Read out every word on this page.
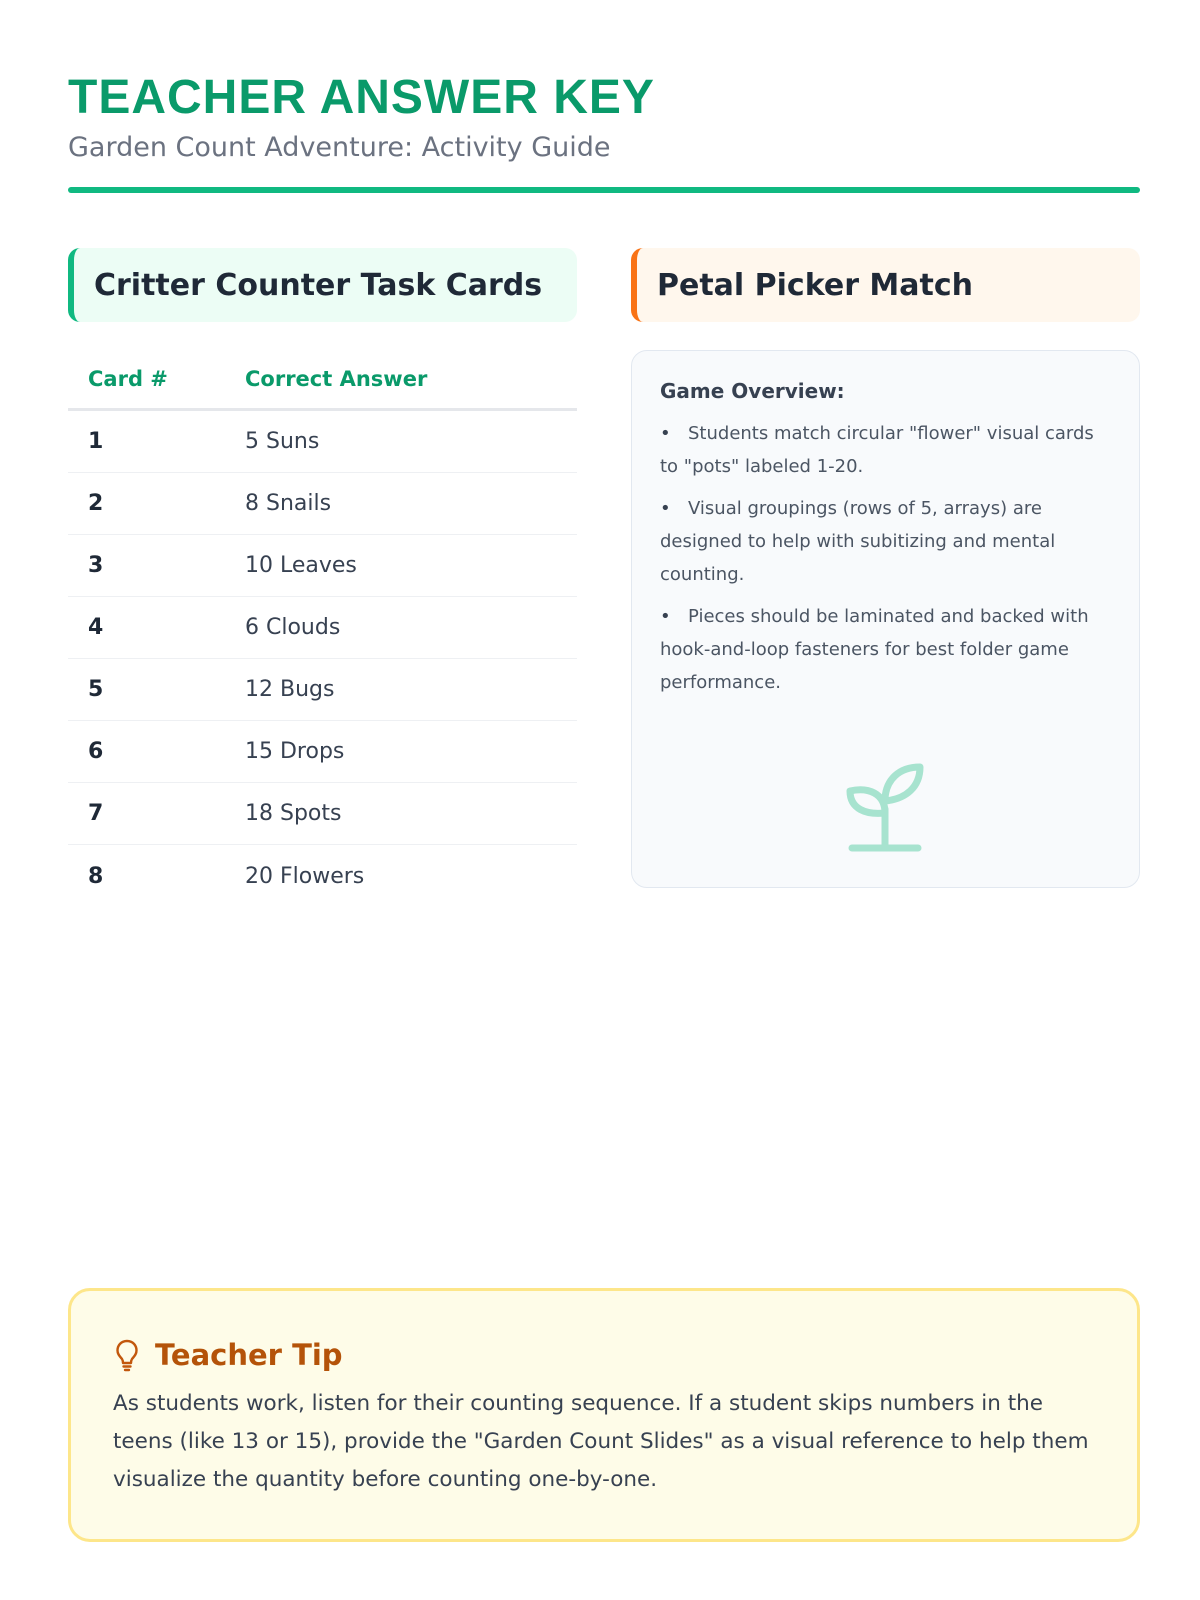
TEACHER ANSWER KEY
Garden Count Adventure: Activity Guide
Critter Counter Task Cards
Card #	Correct Answer
1	5 Suns
2	8 Snails
3	10 Leaves
4	6 Clouds
5	12 Bugs
6	15 Drops
7	18 Spots
8	20 Flowers
Petal Picker Match
Game Overview:
• Students match circular "flower" visual cards to "pots" labeled 1-20.
• Visual groupings (rows of 5, arrays) are designed to help with subitizing and mental counting.
• Pieces should be laminated and backed with hook-and-loop fasteners for best folder game performance.
Teacher Tip

As students work, listen for their counting sequence. If a student skips numbers in the teens (like 13 or 15), provide the "Garden Count Slides" as a visual reference to help them visualize the quantity before counting one-by-one.
